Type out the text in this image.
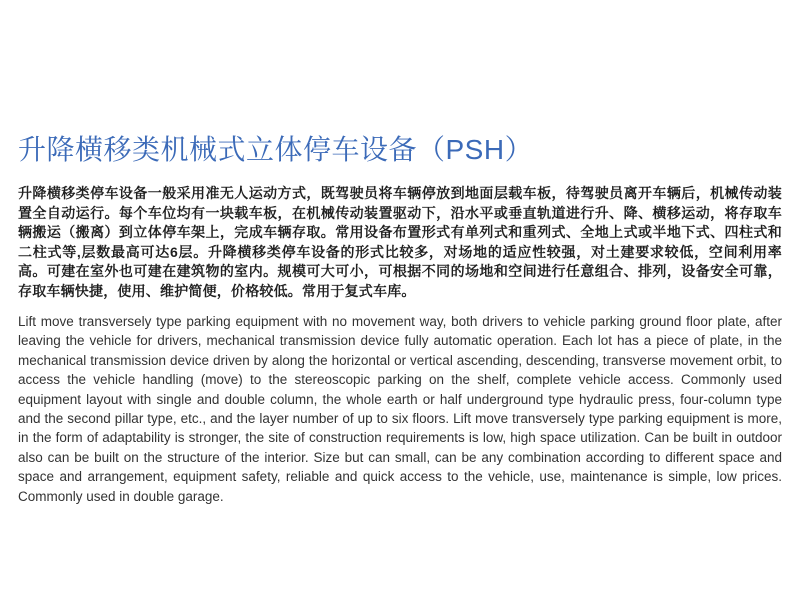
升降横移类机械式立体停车设备（PSH）

升降横移类停车设备一般采用准无人运动方式，既驾驶员将车辆停放到地面层载车板，待驾驶员离开车辆后，机械传动装置全自动运行。每个车位均有一块载车板，在机械传动装置驱动下，沿水平或垂直轨道进行升、降、横移运动，将存取车辆搬运（搬离）到立体停车架上，完成车辆存取。常用设备布置形式有单列式和重列式、全地上式或半地下式、四柱式和二柱式等,层数最高可达6层。升降横移类停车设备的形式比较多，对场地的适应性较强，对土建要求较低，空间利用率高。可建在室外也可建在建筑物的室内。规模可大可小，可根据不同的场地和空间进行任意组合、排列，设备安全可靠，存取车辆快捷，使用、维护简便，价格较低。常用于复式车库。

Lift move transversely type parking equipment with no movement way, both drivers to vehicle parking ground floor plate, after leaving the vehicle for drivers, mechanical transmission device fully automatic operation. Each lot has a piece of plate, in the mechanical transmission device driven by along the horizontal or vertical ascending, descending, transverse movement orbit, to access the vehicle handling (move) to the stereoscopic parking on the shelf, complete vehicle access. Commonly used equipment layout with single and double column, the whole earth or half underground type hydraulic press, four-column type and the second pillar type, etc., and the layer number of up to six floors. Lift move transversely type parking equipment is more, in the form of adaptability is stronger, the site of construction requirements is low, high space utilization. Can be built in outdoor also can be built on the structure of the interior. Size but can small, can be any combination according to different space and space and arrangement, equipment safety, reliable and quick access to the vehicle, use, maintenance is simple, low prices. Commonly used in double garage.
